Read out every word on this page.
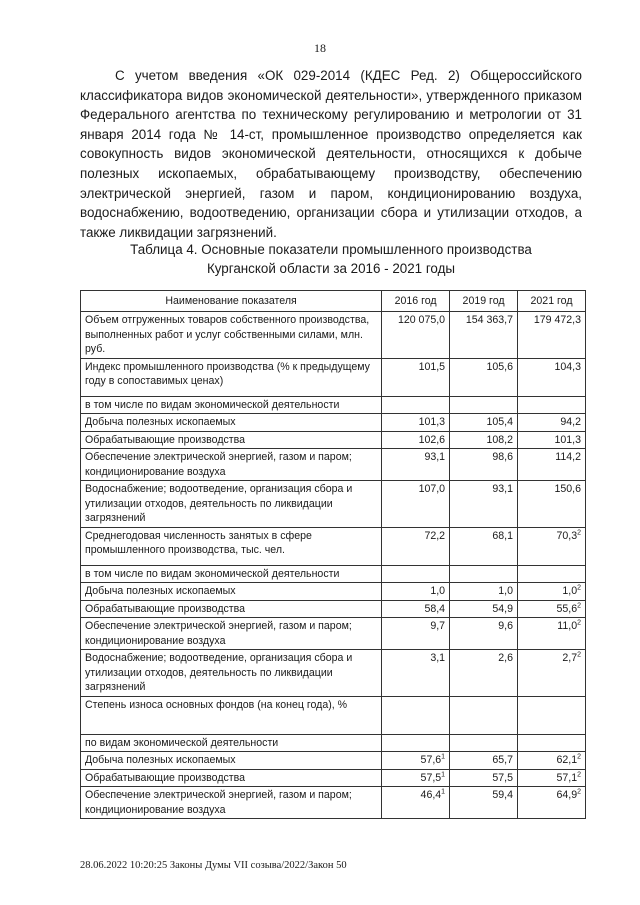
18

С учетом введения «ОК 029-2014 (КДЕС Ред. 2) Общероссийского классификатора видов экономической деятельности», утвержденного приказом Федерального агентства по техническому регулированию и метрологии от 31 января 2014 года № 14-ст, промышленное производство определяется как совокупность видов экономической деятельности, относящихся к добыче полезных ископаемых, обрабатывающему производству, обеспечению электрической энергией, газом и паром, кондиционированию воздуха, водоснабжению, водоотведению, организации сбора и утилизации отходов, а также ликвидации загрязнений.

Таблица 4. Основные показатели промышленного производства
Курганской области за 2016 - 2021 годы
Наименование показателя	2016 год	2019 год	2021 год
Объем отгруженных товаров собственного производства, выполненных работ и услуг собственными силами, млн. руб.	120 075,0	154 363,7	179 472,3
Индекс промышленного производства (% к предыдущему году в сопоставимых ценах)	101,5	105,6	104,3
в том числе по видам экономической деятельности			
Добыча полезных ископаемых	101,3	105,4	94,2
Обрабатывающие производства	102,6	108,2	101,3
Обеспечение электрической энергией, газом и паром; кондиционирование воздуха	93,1	98,6	114,2
Водоснабжение; водоотведение, организация сбора и утилизации отходов, деятельность по ликвидации загрязнений	107,0	93,1	150,6
Среднегодовая численность занятых в сфере промышленного производства, тыс. чел.	72,2	68,1	70,3$^2$
в том числе по видам экономической деятельности			
Добыча полезных ископаемых	1,0	1,0	$1,0^2$
Обрабатывающие производства	58,4	54,9	55,6$^2$
Обеспечение электрической энергией, газом и паром; кондиционирование воздуха	9,7	9,6	11,0$^2$
Водоснабжение; водоотведение, организация сбора и утилизации отходов, деятельность по ликвидации загрязнений	3,1	2,6	$2,7^2$
Степень износа основных фондов (на конец года), %			
по видам экономической деятельности			
Добыча полезных ископаемых	57,6$^1$	65,7	62,1$^2$
Обрабатывающие производства	57,5$^1$	57,5	57,1$^2$
Обеспечение электрической энергией, газом и паром; кондиционирование воздуха	46,4$^1$	59,4	64,9$^2$
28.06.2022 10:20:25 Законы Думы VII созыва/2022/Закон 50
